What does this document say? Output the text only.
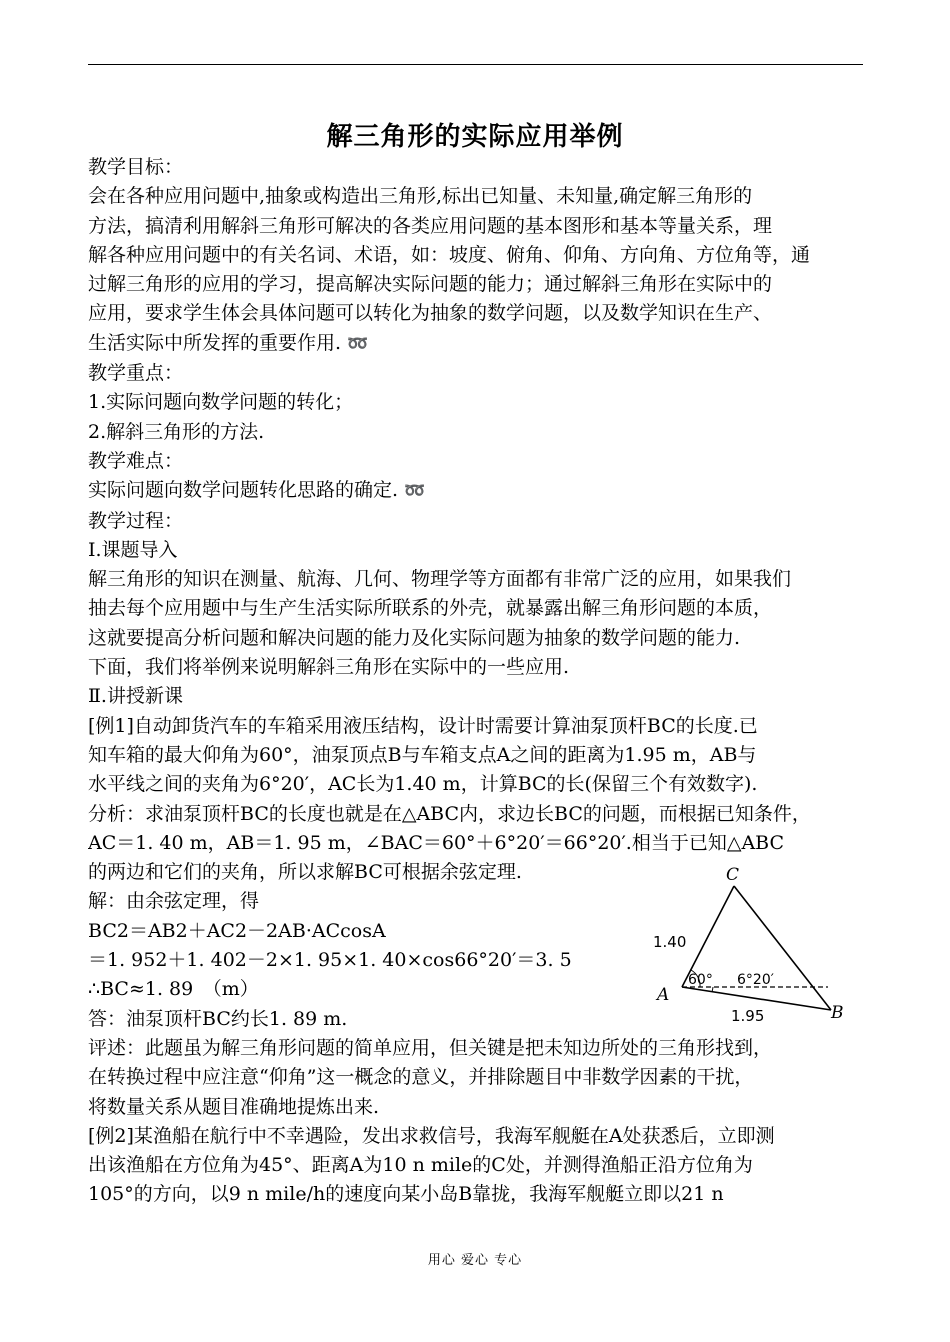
解三角形的实际应用举例

教学目标：

会在各种应用问题中,抽象或构造出三角形,标出已知量、未知量,确定解三角形的

方法，搞清利用解斜三角形可解决的各类应用问题的基本图形和基本等量关系，理

解各种应用问题中的有关名词、术语，如：坡度、俯角、仰角、方向角、方位角等，通

过解三角形的应用的学习，提高解决实际问题的能力；通过解斜三角形在实际中的

应用，要求学生体会具体问题可以转化为抽象的数学问题，以及数学知识在生产、

生活实际中所发挥的重要作用. ➿

教学重点：

1.实际问题向数学问题的转化；

2.解斜三角形的方法.

教学难点：

实际问题向数学问题转化思路的确定. ➿

教学过程：

Ⅰ.课题导入

解三角形的知识在测量、航海、几何、物理学等方面都有非常广泛的应用，如果我们

抽去每个应用题中与生产生活实际所联系的外壳，就暴露出解三角形问题的本质，

这就要提高分析问题和解决问题的能力及化实际问题为抽象的数学问题的能力.

下面，我们将举例来说明解斜三角形在实际中的一些应用.

Ⅱ.讲授新课

[例1]自动卸货汽车的车箱采用液压结构，设计时需要计算油泵顶杆BC的长度.已

知车箱的最大仰角为60°，油泵顶点B与车箱支点A之间的距离为1.95 m，AB与

水平线之间的夹角为6°20′，AC长为1.40 m，计算BC的长(保留三个有效数字).

分析：求油泵顶杆BC的长度也就是在△ABC内，求边长BC的问题，而根据已知条件，

AC＝1. 40 m，AB＝1. 95 m，∠BAC＝60°＋6°20′＝66°20′.相当于已知△ABC

的两边和它们的夹角，所以求解BC可根据余弦定理.

解：由余弦定理，得

BC2＝AB2＋AC2－2AB·ACcosA

＝1. 952＋1. 402－2×1. 95×1. 40×cos66°20′＝3. 5

∴BC≈1. 89　（m）

答：油泵顶杆BC约长1. 89 m.

评述：此题虽为解三角形问题的简单应用，但关键是把未知边所处的三角形找到，

在转换过程中应注意“仰角”这一概念的意义，并排除题目中非数学因素的干扰，

将数量关系从题目准确地提炼出来.

[例2]某渔船在航行中不幸遇险，发出求救信号，我海军舰艇在A处获悉后，立即测

出该渔船在方位角为45°、距离A为10 n mile的C处，并测得渔船正沿方位角为

105°的方向，以9 n mile/h的速度向某小岛B靠拢，我海军舰艇立即以21 n

C
A
B
1.40
1.95
60° 6°20′
用心 爱心 专心
